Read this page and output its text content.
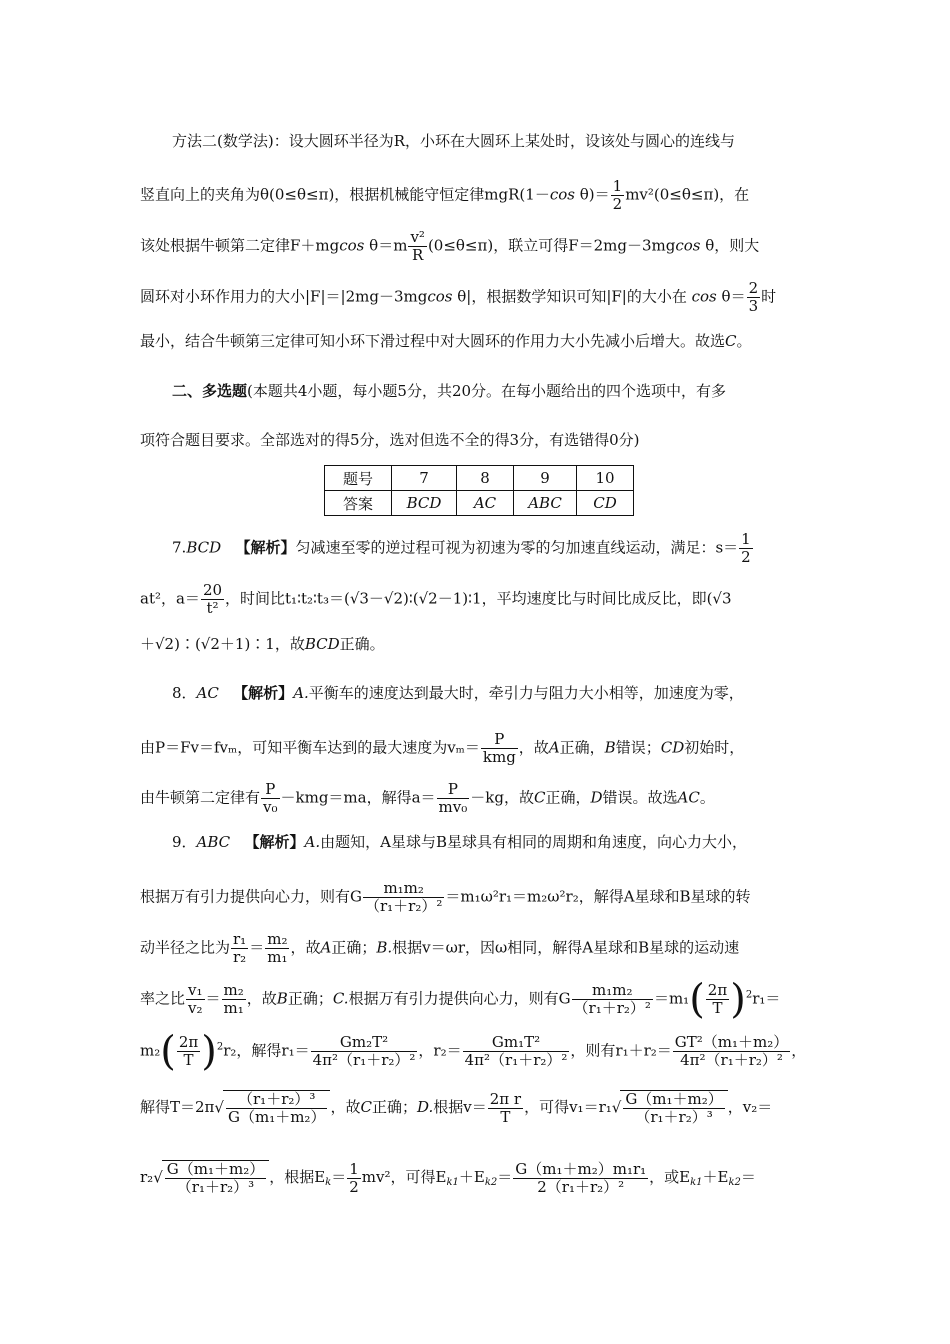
方法二(数学法)：设大圆环半径为R，小环在大圆环上某处时，设该处与圆心的连线与
竖直向上的夹角为θ(0≤θ≤π)，根据机械能守恒定律mgR(1－cos $\theta)= \frac{1}{2} mv^2(0\le\theta\le\pi)$，在
该处根据牛顿第二定律F＋mgcos $\theta=m \frac{\text{v²}}{R} (0\le\theta\le\pi)$，联立可得F＝2mg－3mgcos θ，则大
圆环对小环作用力的大小|F|＝|2mg－3mgcos θ|，根据数学知识可知|F|的大小在 $\cos \theta= \frac{2}{3}$ 时
最小，结合牛顿第三定律可知小环下滑过程中对大圆环的作用力大小先减小后增大。故选C。
二、多选题(本题共4小题，每小题5分，共20分。在每小题给出的四个选项中，有多
项符合题目要求。全部选对的得5分，选对但选不全的得3分，有选错得0分)
题号	7	8	9	10
答案	BCD	AC	ABC	CD
7.BCD 【解析】匀减速至零的逆过程可视为初速为零的匀加速直线运动，满足：$s= \frac{1}{2}$
at²，$a= \frac{20}{\text{t²}}$ ，时间比t₁∶t₂∶t₃＝(√3－√2)∶(√2－1)∶1，平均速度比与时间比成反比，即(√3
＋√2)∶(√2＋1)∶1，故BCD正确。
8．AC 【解析】A.平衡车的速度达到最大时，牵引力与阻力大小相等，加速度为零，
由P＝Fv＝fvₘ，可知平衡车达到的最大速度为vₘ＝ P
kmg
，故A正确，B错误；CD初始时，
由牛顿第二定律有 $\frac{P}{\text{v₀}} -kmg=ma$，解得$a= \frac{P}{\text{mv₀}} -kg$，故C正确，D错误。故选AC。
9．ABC 【解析】A.由题知，A星球与B星球具有相同的周期和角速度，向心力大小，
根据万有引力提供向心力，则有G $\frac{\text{m₁m₂}}{\text{（r₁＋r₂）²}} =m_1\omega^2r_1=m_2\omega^2r_2$，解得A星球和B星球的转
动半径之比为 $\frac{\text{r₁}}{\text{r₂}} = \frac{\text{m₂}}{\text{m₁}}$ ，故A正确；B.根据v＝ωr，因ω相同，解得A星球和B星球的运动速
率之比 $\frac{\text{v₁}}{\text{v₂}} = \frac{\text{m₂}}{\text{m₁}}$ ，故B正确；C.根据万有引力提供向心力，则有G $\frac{\text{m₁m₂}}{\text{（r₁＋r₂）²}} =m_1( \frac{2\pi}{T} )^2r_1=$
$m_2( \frac{2\pi}{T} )^2r_2$，解得$r_1= \frac{\text{Gm₂T²}}{\text{4π²（r₁＋r₂）²}}$ ，$r_2= \frac{\text{Gm₁T²}}{\text{4π²（r₁＋r₂）²}}$ ，则有$r_1+r_2= \frac{\text{GT²（m₁＋m₂）}}{\text{4π²（r₁＋r₂）²}}$ ，
解得$T=2\pi√ \frac{\text{（r₁＋r₂）³}}{\text{G（m₁＋m₂）}}$ ，故C正确；D.根据$v= \frac{\text{2π r}}{T}$ ，可得$v_1=r_1√ \frac{\text{G（m₁＋m₂）}}{\text{（r₁＋r₂）³}}$ ，v₂＝
$r_2√ \frac{\text{G（m₁＋m₂）}}{\text{（r₁＋r₂）³}}$ ，根据$E_k= \frac{1}{2} mv^2$，可得$E_{k1}+E_{k2}= \frac{\text{G（m₁＋m₂）m₁r₁}}{\text{2（r₁＋r₂）²}}$ ，或$E_{k1}+E_{k2}=$
